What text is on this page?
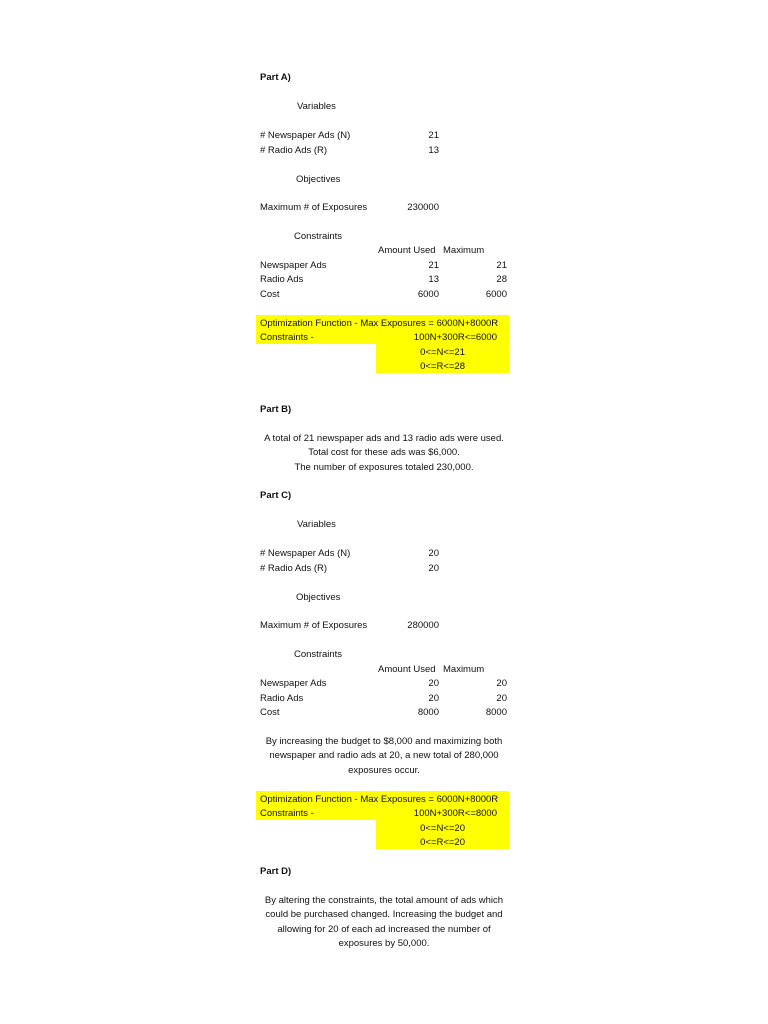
Part A)
Variables
# Newspaper Ads (N)	21
# Radio Ads (R)	13
Objectives
Maximum # of Exposures	230000
Constraints
Amount Used Maximum
Newspaper Ads	21	21
Radio Ads	13	28
Cost	6000	6000
Optimization Function - Max Exposures = 6000N+8000R
Constraints -	100N+300R<=6000
0<=N<=21
0<=R<=28
Part B)
A total of 21 newspaper ads and 13 radio ads were used.
Total cost for these ads was $6,000.
The number of exposures totaled 230,000.
Part C)
Variables
# Newspaper Ads (N)	20
# Radio Ads (R)	20
Objectives
Maximum # of Exposures	280000
Constraints
Amount Used Maximum
Newspaper Ads	20	20
Radio Ads	20	20
Cost	8000	8000
By increasing the budget to $8,000 and maximizing both
newspaper and radio ads at 20, a new total of 280,000
exposures occur.
Optimization Function - Max Exposures = 6000N+8000R
Constraints -	100N+300R<=8000
0<=N<=20
0<=R<=20
Part D)
By altering the constraints, the total amount of ads which
could be purchased changed. Increasing the budget and
allowing for 20 of each ad increased the number of
exposures by 50,000.
